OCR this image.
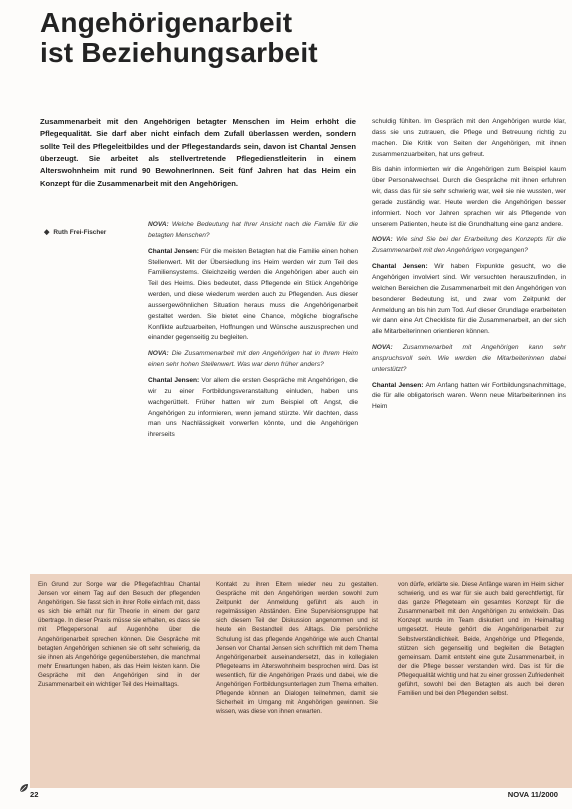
Angehörigenarbeit
ist Beziehungsarbeit

Zusammenarbeit mit den Angehörigen betagter Menschen im Heim erhöht die Pflegequalität. Sie darf aber nicht einfach dem Zufall überlassen werden, sondern sollte Teil des Pflegeleitbildes und der Pflegestandards sein, davon ist Chantal Jensen überzeugt. Sie arbeitet als stellvertretende Pflegedienstleiterin in einem Alterswohnheim mit rund 90 BewohnerInnen. Seit fünf Jahren hat das Heim ein Konzept für die Zusammenarbeit mit den Angehörigen.

◆ Ruth Frei-Fischer

NOVA: Welche Bedeutung hat Ihrer Ansicht nach die Familie für die betagten Menschen?

Chantal Jensen: Für die meisten Betagten hat die Familie einen hohen Stellenwert. Mit der Übersiedlung ins Heim werden wir zum Teil des Familiensystems. Gleichzeitig werden die Angehörigen aber auch ein Teil des Heims. Dies bedeutet, dass Pflegende ein Stück Angehörige werden, und diese wiederum werden auch zu Pflegenden. Aus dieser aussergewöhnlichen Situation heraus muss die Angehörigenarbeit gestaltet werden. Sie bietet eine Chance, mögliche biografische Konflikte aufzuarbeiten, Hoffnungen und Wünsche auszusprechen und einander gegenseitig zu begleiten.

NOVA: Die Zusammenarbeit mit den Angehörigen hat in Ihrem Heim einen sehr hohen Stellenwert. Was war denn früher anders?

Chantal Jensen: Vor allem die ersten Gespräche mit Angehörigen, die wir zu einer Fortbildungsveranstaltung einluden, haben uns wachgerüttelt. Früher hatten wir zum Beispiel oft Angst, die Angehörigen zu informieren, wenn jemand stürzte. Wir dachten, dass man uns Nachlässigkeit vorwerfen könnte, und die Angehörigen ihrerseits

schuldig fühlten. Im Gespräch mit den Angehörigen wurde klar, dass sie uns zutrauen, die Pflege und Betreuung richtig zu machen. Die Kritik von Seiten der Angehörigen, mit ihnen zusammenzuarbeiten, hat uns gefreut.

Bis dahin informierten wir die Angehörigen zum Beispiel kaum über Personalwechsel. Durch die Gespräche mit ihnen erfuhren wir, dass das für sie sehr schwierig war, weil sie nie wussten, wer gerade zuständig war. Heute werden die Angehörigen besser informiert. Noch vor Jahren sprachen wir als Pflegende von unserem Patienten, heute ist die Grundhaltung eine ganz andere.

NOVA: Wie sind Sie bei der Erarbeitung des Konzepts für die Zusammenarbeit mit den Angehörigen vorgegangen?

Chantal Jensen: Wir haben Fixpunkte gesucht, wo die Angehörigen involviert sind. Wir versuchten herauszufinden, in welchen Bereichen die Zusammenarbeit mit den Angehörigen von besonderer Bedeutung ist, und zwar vom Zeitpunkt der Anmeldung an bis hin zum Tod. Auf dieser Grundlage erarbeiteten wir dann eine Art Checkliste für die Zusammenarbeit, an der sich alle Mitarbeiterinnen orientieren können.

NOVA: Zusammenarbeit mit Angehörigen kann sehr anspruchsvoll sein. Wie werden die Mitarbeiterinnen dabei unterstützt?

Chantal Jensen: Am Anfang hatten wir Fortbildungsnachmittage, die für alle obligatorisch waren. Wenn neue Mitarbeiterinnen ins Heim

Ein Grund zur Sorge war die Pflegefachfrau Chantal Jensen vor einem Tag auf den Besuch der pflegenden Angehörigen. Sie fasst sich in ihrer Rolle einfach mit, dass es sich bie erhält nur für Theorie in einem der ganz übertrage. In dieser Praxis müsse sie erhalten, es dass sie mit Pflegepersonal auf Augenhöhe über die Angehörigenarbeit sprechen können. Die Gespräche mit betagten Angehörigen schienen sie oft sehr schwierig, da sie ihnen als Angehörige gegenüberstehen, die manchmal mehr Erwartungen haben, als das Heim leisten kann. Die Gespräche mit den Angehörigen sind in der Zusammenarbeit ein wichtiger Teil des Heimalltags.

Kontakt zu ihren Eltern wieder neu zu gestalten. Gespräche mit den Angehörigen werden sowohl zum Zeitpunkt der Anmeldung geführt als auch in regelmässigen Abständen. Eine Supervisionsgruppe hat sich diesem Teil der Diskussion angenommen und ist heute ein Bestandteil des Alltags. Die persönliche Schulung ist das pflegende Angehörige wie auch Chantal Jensen vor Chantal Jensen sich schriftlich mit dem Thema Angehörigenarbeit auseinandersetzt, das in kollegialen Pflegeteams im Alterswohnheim besprochen wird. Das ist wesentlich, für die Angehörigen Praxis und dabei, wie die Angehörigen Fortbildungsunterlagen zum Thema erhalten. Pflegende können an Dialogen teilnehmen, damit sie Sicherheit im Umgang mit Angehörigen gewinnen. Sie wissen, was diese von ihnen erwarten.

von dürfe, erklärte sie. Diese Anfänge waren im Heim sicher schwierig, und es war für sie auch bald gerechtfertigt, für das ganze Pflegeteam ein gesamtes Konzept für die Zusammenarbeit mit den Angehörigen zu entwickeln. Das Konzept wurde im Team diskutiert und im Heimalltag umgesetzt. Heute gehört die Angehörigenarbeit zur Selbstverständlichkeit. Beide, Angehörige und Pflegende, stützen sich gegenseitig und begleiten die Betagten gemeinsam. Damit entsteht eine gute Zusammenarbeit, in der die Pflege besser verstanden wird. Das ist für die Pflegequalität wichtig und hat zu einer grossen Zufriedenheit geführt, sowohl bei den Betagten als auch bei deren Familien und bei den Pflegenden selbst.

22	NOVA 11/2000
